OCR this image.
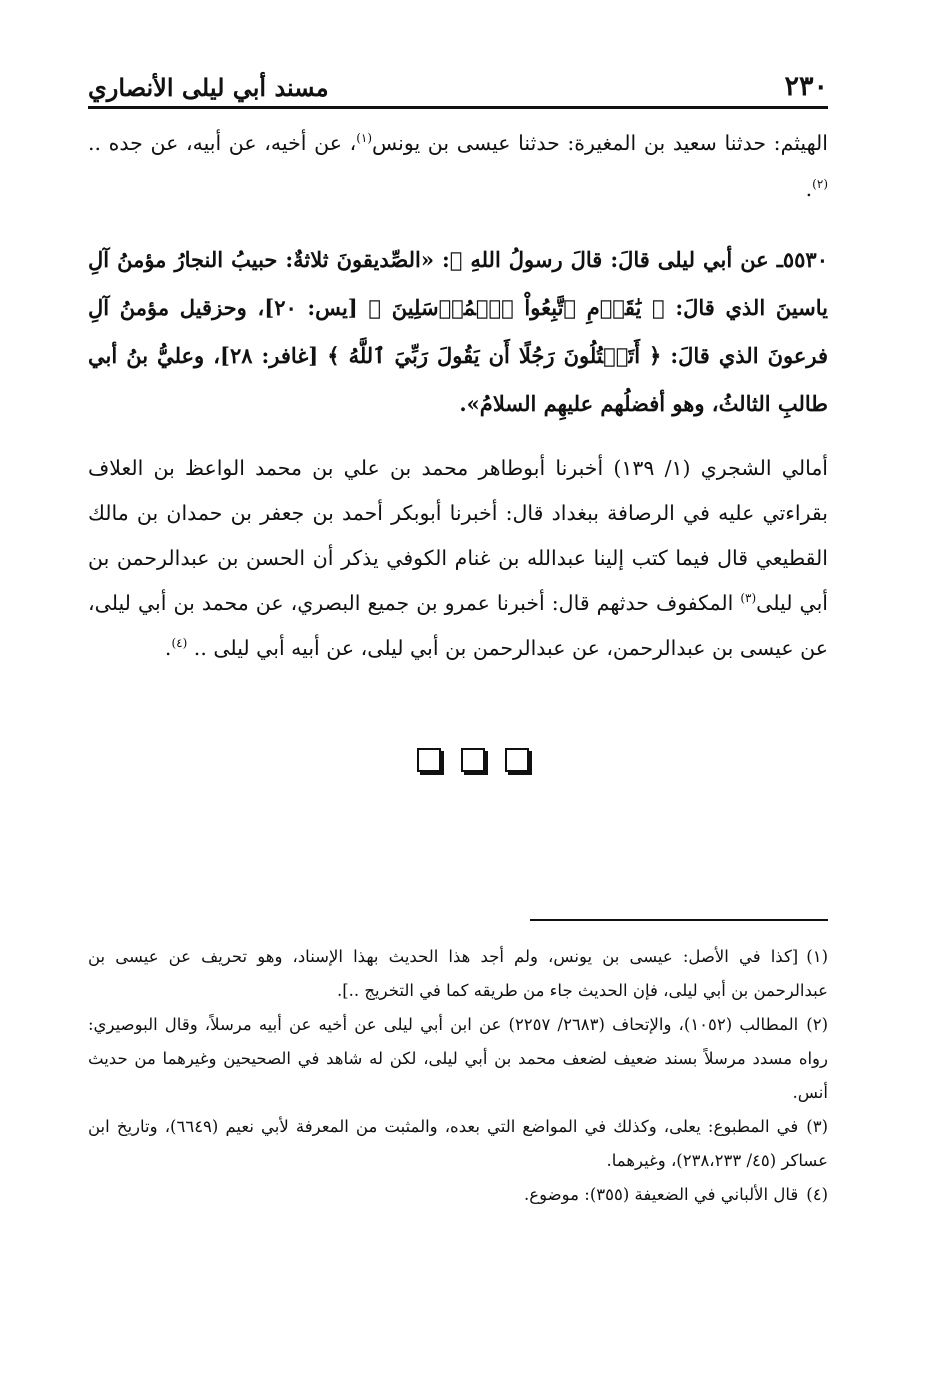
٢٣٠
مسند أبي ليلى الأنصاري

الهيثم: حدثنا سعيد بن المغيرة: حدثنا عيسى بن يونس$^{(١)}$، عن أخيه، عن أبيه، عن جده .. $^{(٢)}$.

٥٥٣٠ـ عن أبي ليلى قالَ: قالَ رسولُ اللهِ ﷺ: «الصِّديقونَ ثلاثةٌ: حبيبُ النجارُ مؤمنُ آلِ ياسينَ الذي قالَ: ﴿ يَٰقَوۡمِ ٱتَّبِعُواْ ٱلۡمُرۡسَلِينَ ﴾ [يس: ٢٠]، وحزقيل مؤمنُ آلِ فرعونَ الذي قالَ: ﴿ أَتَقۡتُلُونَ رَجُلًا أَن يَقُولَ رَبِّيَ ٱللَّهُ ﴾ [غافر: ٢٨]، وعليُّ بنُ أبي طالبِ الثالثُ، وهو أفضلُهم عليهِم السلامُ».

أمالي الشجري (١/ ١٣٩) أخبرنا أبوطاهر محمد بن علي بن محمد الواعظ بن العلاف بقراءتي عليه في الرصافة ببغداد قال: أخبرنا أبوبكر أحمد بن جعفر بن حمدان بن مالك القطيعي قال فيما كتب إلينا عبدالله بن غنام الكوفي يذكر أن الحسن بن عبدالرحمن بن أبي ليلى$^{(٣)}$ المكفوف حدثهم قال: أخبرنا عمرو بن جميع البصري، عن محمد بن أبي ليلى، عن عيسى بن عبدالرحمن، عن عبدالرحمن بن أبي ليلى، عن أبيه أبي ليلى .. $^{(٤)}$.

(١)[كذا في الأصل: عيسى بن يونس، ولم أجد هذا الحديث بهذا الإسناد، وهو تحريف عن عيسى بن عبدالرحمن بن أبي ليلى، فإن الحديث جاء من طريقه كما في التخريج ..].

(٢)المطالب (١٠٥٢)، والإتحاف (٢٦٨٣/ ٢٢٥٧) عن ابن أبي ليلى عن أخيه عن أبيه مرسلاً، وقال البوصيري: رواه مسدد مرسلاً بسند ضعيف لضعف محمد بن أبي ليلى، لكن له شاهد في الصحيحين وغيرهما من حديث أنس.

(٣)في المطبوع: يعلى، وكذلك في المواضع التي بعده، والمثبت من المعرفة لأبي نعيم (٦٦٤٩)، وتاريخ ابن عساكر (٤٥/ ٢٣٨،٢٣٣)، وغيرهما.

(٤)قال الألباني في الضعيفة (٣٥٥): موضوع.
